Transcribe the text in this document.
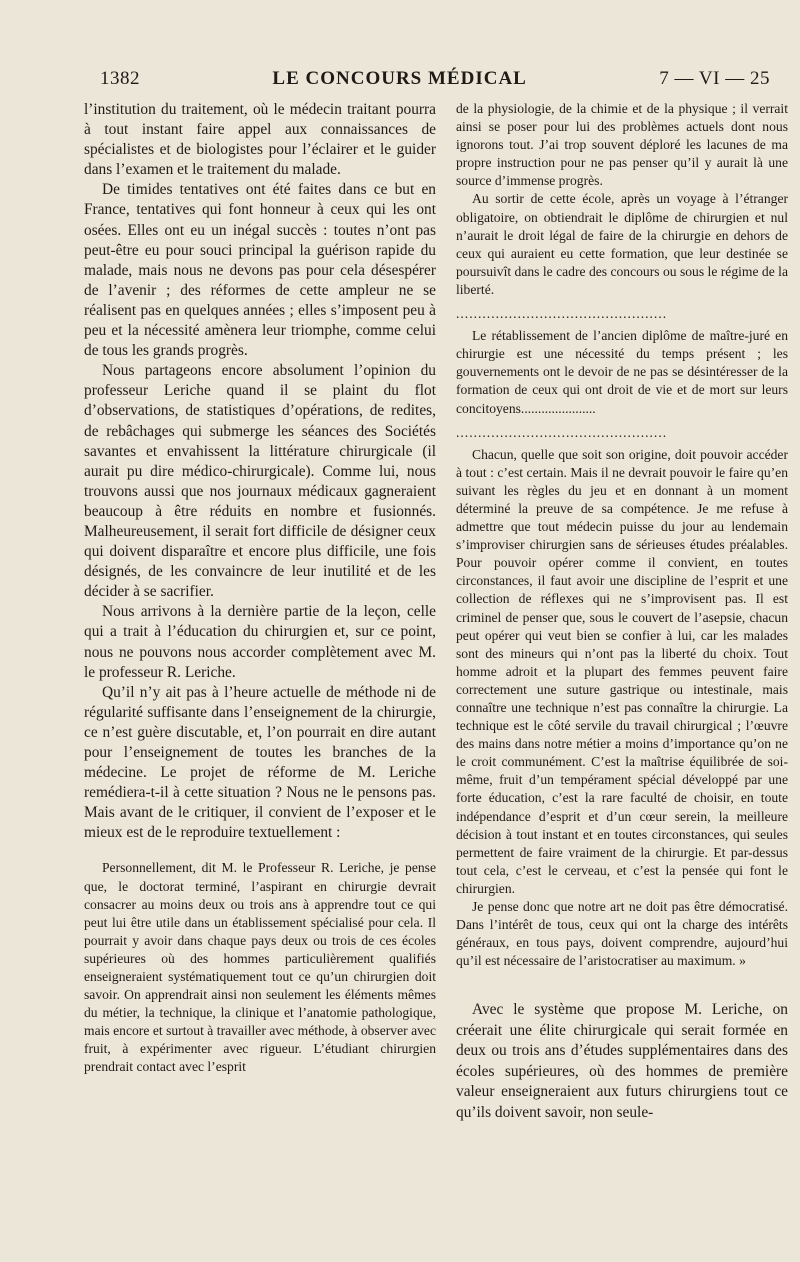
1382	LE CONCOURS MÉDICAL	7 — VI — 25

l’institution du traitement, où le médecin traitant pourra à tout instant faire appel aux connaissances de spécialistes et de biologistes pour l’éclairer et le guider dans l’examen et le traitement du malade.

De timides tentatives ont été faites dans ce but en France, tentatives qui font honneur à ceux qui les ont osées. Elles ont eu un inégal succès : toutes n’ont pas peut-être eu pour souci principal la guérison rapide du malade, mais nous ne devons pas pour cela désespérer de l’avenir ; des réformes de cette ampleur ne se réalisent pas en quelques années ; elles s’imposent peu à peu et la nécessité amènera leur triomphe, comme celui de tous les grands progrès.

Nous partageons encore absolument l’opinion du professeur Leriche quand il se plaint du flot d’observations, de statistiques d’opérations, de redites, de rebâchages qui submerge les séances des Sociétés savantes et envahissent la littérature chirurgicale (il aurait pu dire médico-chirurgicale). Comme lui, nous trouvons aussi que nos journaux médicaux gagneraient beaucoup à être réduits en nombre et fusionnés. Malheureusement, il serait fort difficile de désigner ceux qui doivent disparaître et encore plus difficile, une fois désignés, de les convaincre de leur inutilité et de les décider à se sacrifier.

Nous arrivons à la dernière partie de la leçon, celle qui a trait à l’éducation du chirurgien et, sur ce point, nous ne pouvons nous accorder complètement avec M. le professeur R. Leriche.

Qu’il n’y ait pas à l’heure actuelle de méthode ni de régularité suffisante dans l’enseignement de la chirurgie, ce n’est guère discutable, et, l’on pourrait en dire autant pour l’enseignement de toutes les branches de la médecine. Le projet de réforme de M. Leriche remédiera-t-il à cette situation ? Nous ne le pensons pas. Mais avant de le critiquer, il convient de l’exposer et le mieux est de le reproduire textuellement :

Personnellement, dit M. le Professeur R. Leriche, je pense que, le doctorat terminé, l’aspirant en chirurgie devrait consacrer au moins deux ou trois ans à apprendre tout ce qui peut lui être utile dans un établissement spécialisé pour cela. Il pourrait y avoir dans chaque pays deux ou trois de ces écoles supérieures où des hommes particulièrement qualifiés enseigneraient systématiquement tout ce qu’un chirurgien doit savoir. On apprendrait ainsi non seulement les éléments mêmes du métier, la technique, la clinique et l’anatomie pathologique, mais encore et surtout à travailler avec méthode, à observer avec fruit, à expérimenter avec rigueur. L’étudiant chirurgien prendrait contact avec l’esprit

de la physiologie, de la chimie et de la physique ; il verrait ainsi se poser pour lui des problèmes actuels dont nous ignorons tout. J’ai trop souvent déploré les lacunes de ma propre instruction pour ne pas penser qu’il y aurait là une source d’immense progrès.

Au sortir de cette école, après un voyage à l’étranger obligatoire, on obtiendrait le diplôme de chirurgien et nul n’aurait le droit légal de faire de la chirurgie en dehors de ceux qui auraient eu cette formation, que leur destinée se poursuivît dans le cadre des concours ou sous le régime de la liberté.

................................................

Le rétablissement de l’ancien diplôme de maître-juré en chirurgie est une nécessité du temps présent ; les gouvernements ont le devoir de ne pas se désintéresser de la formation de ceux qui ont droit de vie et de mort sur leurs concitoyens......................

................................................

Chacun, quelle que soit son origine, doit pouvoir accéder à tout : c’est certain. Mais il ne devrait pouvoir le faire qu’en suivant les règles du jeu et en donnant à un moment déterminé la preuve de sa compétence. Je me refuse à admettre que tout médecin puisse du jour au lendemain s’improviser chirurgien sans de sérieuses études préalables. Pour pouvoir opérer comme il convient, en toutes circonstances, il faut avoir une discipline de l’esprit et une collection de réflexes qui ne s’improvisent pas. Il est criminel de penser que, sous le couvert de l’asepsie, chacun peut opérer qui veut bien se confier à lui, car les malades sont des mineurs qui n’ont pas la liberté du choix. Tout homme adroit et la plupart des femmes peuvent faire correctement une suture gastrique ou intestinale, mais connaître une technique n’est pas connaître la chirurgie. La technique est le côté servile du travail chirurgical ; l’œuvre des mains dans notre métier a moins d’importance qu’on ne le croit communément. C’est la maîtrise équilibrée de soi-même, fruit d’un tempérament spécial développé par une forte éducation, c’est la rare faculté de choisir, en toute indépendance d’esprit et d’un cœur serein, la meilleure décision à tout instant et en toutes circonstances, qui seules permettent de faire vraiment de la chirurgie. Et par-dessus tout cela, c’est le cerveau, et c’est la pensée qui font le chirurgien.

Je pense donc que notre art ne doit pas être démocratisé. Dans l’intérêt de tous, ceux qui ont la charge des intérêts généraux, en tous pays, doivent comprendre, aujourd’hui qu’il est nécessaire de l’aristocratiser au maximum. »

Avec le système que propose M. Leriche, on créerait une élite chirurgicale qui serait formée en deux ou trois ans d’études supplémentaires dans des écoles supérieures, où des hommes de première valeur enseigneraient aux futurs chirurgiens tout ce qu’ils doivent savoir, non seule-
